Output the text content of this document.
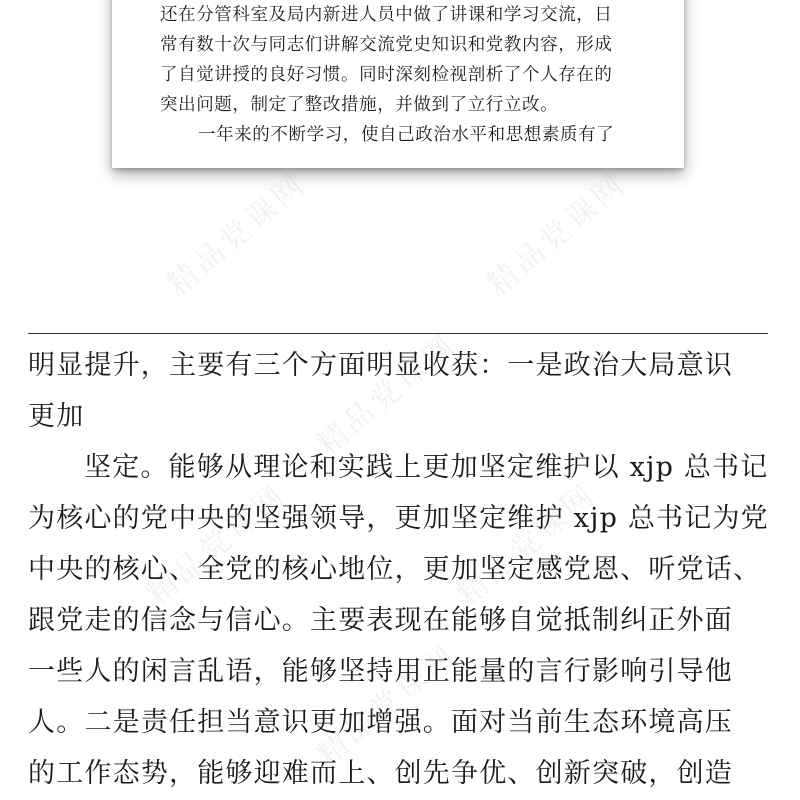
还在分管科室及局内新进人员中做了讲课和学习交流，日
常有数十次与同志们讲解交流党史知识和党教内容，形成
了自觉讲授的良好习惯。同时深刻检视剖析了个人存在的
突出问题，制定了整改措施，并做到了立行立改。
一年来的不断学习，使自己政治水平和思想素质有了
精品党课网	精品党课网
精品党课网
精品党课网	精品党课网
精品党课网
明显提升，主要有三个方面明显收获：一是政治大局意识
更加
坚定。能够从理论和实践上更加坚定维护以 xjp 总书记
为核心的党中央的坚强领导，更加坚定维护 xjp 总书记为党
中央的核心、全党的核心地位，更加坚定感党恩、听党话、
跟党走的信念与信心。主要表现在能够自觉抵制纠正外面
一些人的闲言乱语，能够坚持用正能量的言行影响引导他
人。二是责任担当意识更加增强。面对当前生态环境高压
的工作态势，能够迎难而上、创先争优、创新突破，创造
